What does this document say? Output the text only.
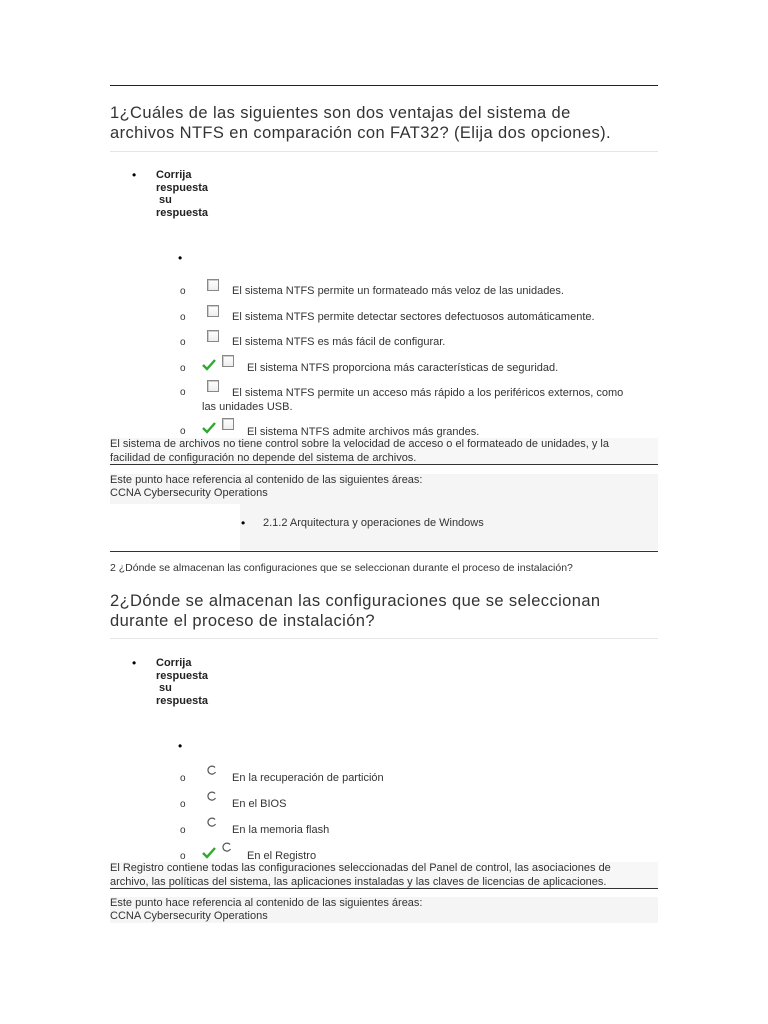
1¿Cuáles de las siguientes son dos ventajas del sistema de
archivos NTFS en comparación con FAT32? (Elija dos opciones).
• Corrija
respuesta
su
respuesta
•
o	El sistema NTFS permite un formateado más veloz de las unidades.
o	El sistema NTFS permite detectar sectores defectuosos automáticamente.
o	El sistema NTFS es más fácil de configurar.
o	El sistema NTFS proporciona más características de seguridad.
o	El sistema NTFS permite un acceso más rápido a los periféricos externos, como
las unidades USB.
o	El sistema NTFS admite archivos más grandes.

El sistema de archivos no tiene control sobre la velocidad de acceso o el formateado de unidades, y la

facilidad de configuración no depende del sistema de archivos.

Este punto hace referencia al contenido de las siguientes áreas:

CCNA Cybersecurity Operations

• 2.1.2 Arquitectura y operaciones de Windows
2 ¿Dónde se almacenan las configuraciones que se seleccionan durante el proceso de instalación?
2¿Dónde se almacenan las configuraciones que se seleccionan
durante el proceso de instalación?
• Corrija
respuesta
su
respuesta
•
o	En la recuperación de partición
o	En el BIOS
o	En la memoria flash
o	En el Registro

El Registro contiene todas las configuraciones seleccionadas del Panel de control, las asociaciones de

archivo, las políticas del sistema, las aplicaciones instaladas y las claves de licencias de aplicaciones.

Este punto hace referencia al contenido de las siguientes áreas:

CCNA Cybersecurity Operations
